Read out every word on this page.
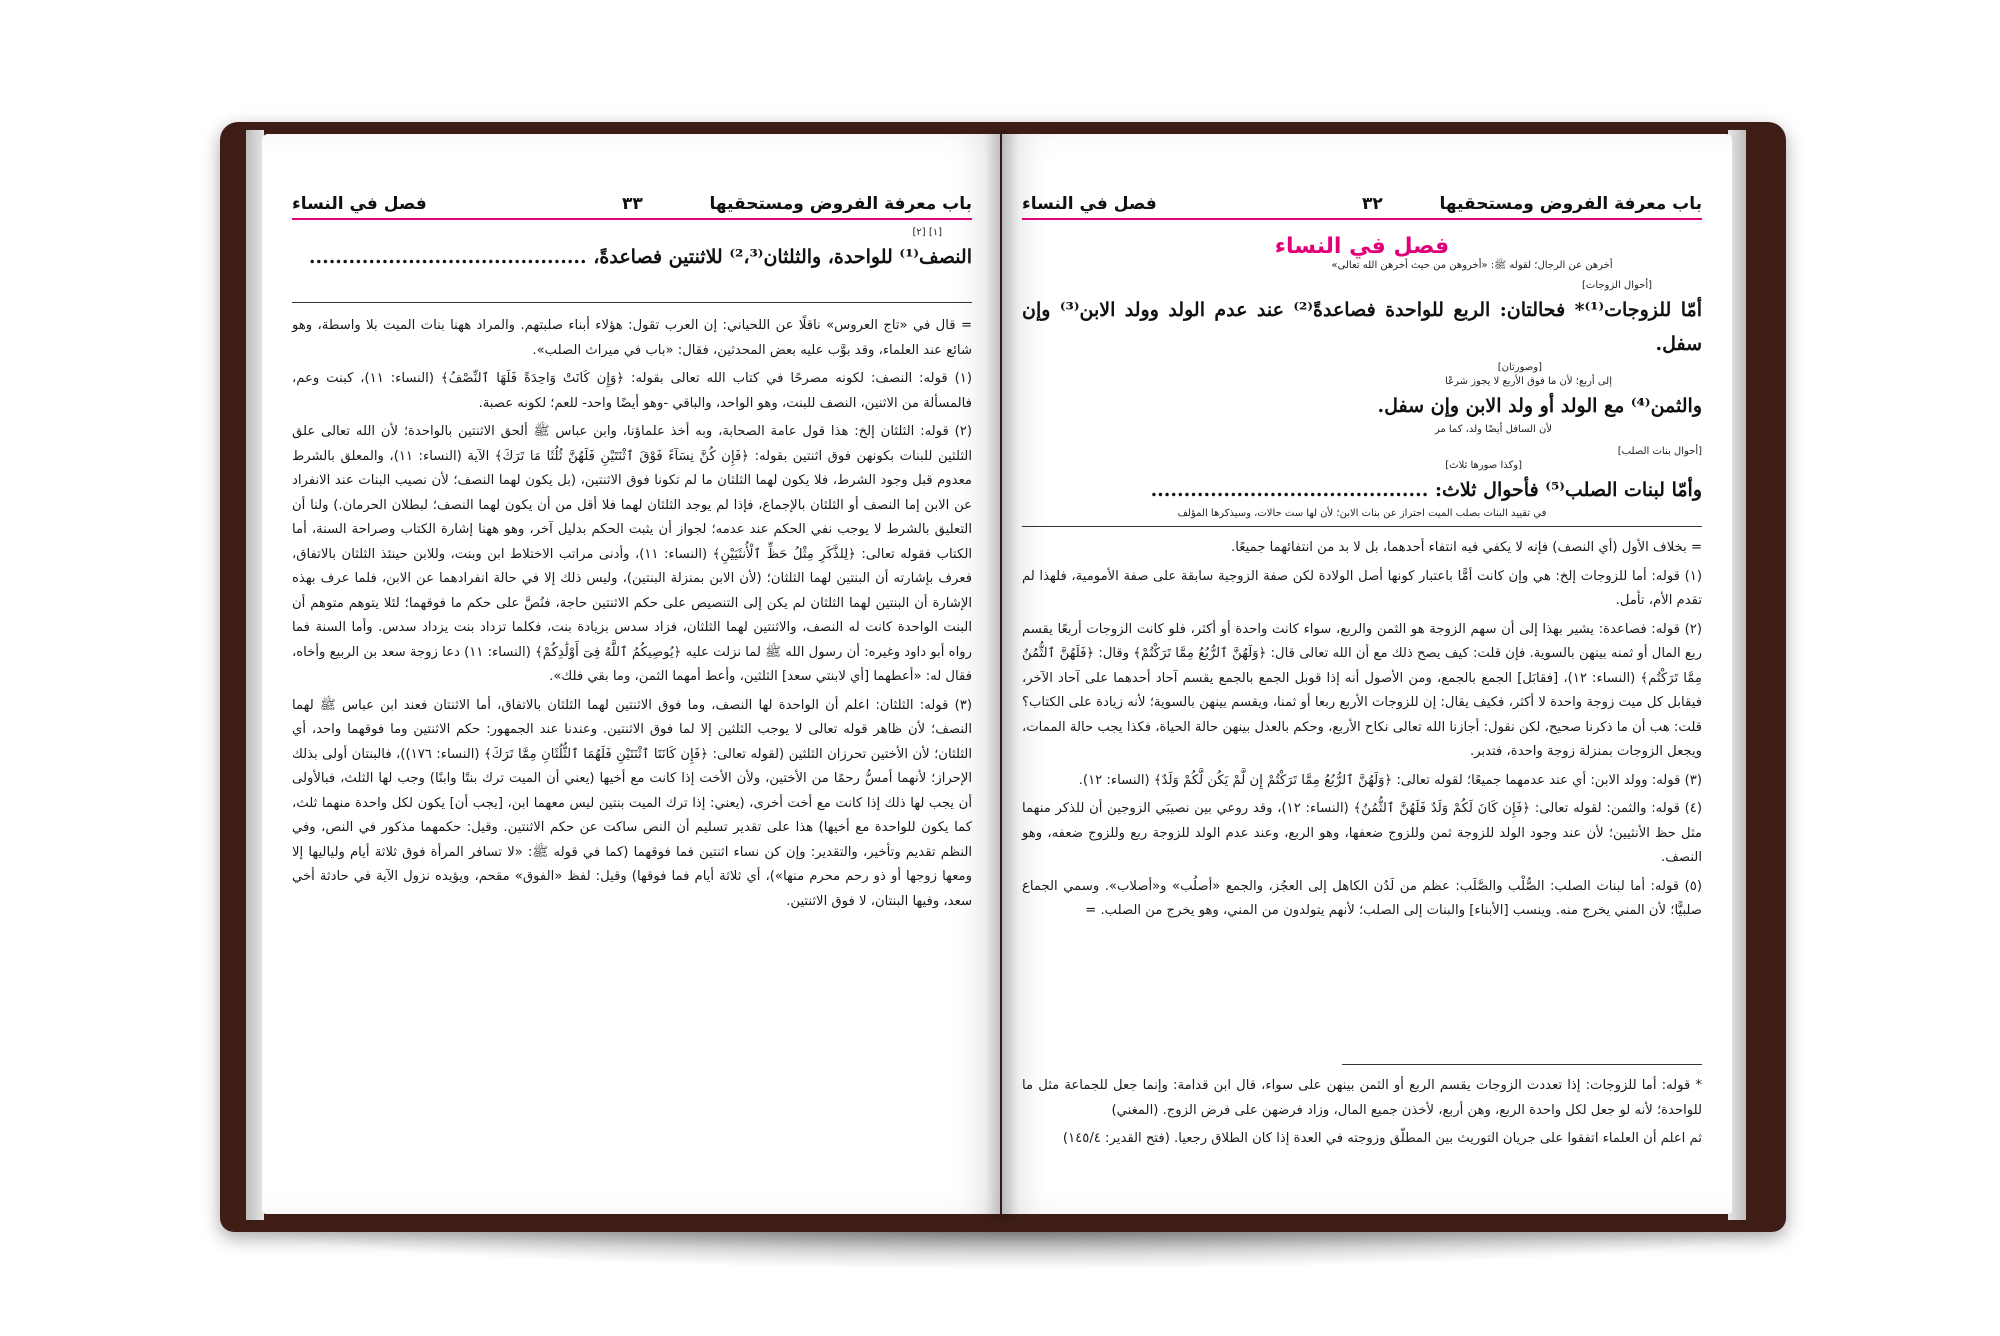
باب معرفة الفروض ومستحقيها
٣٣
فصل في النساء
[١] [٢]
النصف⁽¹⁾ للواحدة، والثلثان⁽²،³⁾ للاثنتين فصاعدةً، ..........................................

= قال في «تاج العروس» ناقلًا عن اللحياني: إن العرب تقول: هؤلاء أبناء صلبتهم. والمراد ههنا بنات الميت بلا واسطة، وهو شائع عند العلماء، وقد بوَّب عليه بعض المحدثين، فقال: «باب في ميراث الصلب».

(١) قوله: النصف: لكونه مصرحًا في كتاب الله تعالى بقوله: ﴿وَإِن كَانَتْ وَاحِدَةً فَلَهَا ٱلنِّصْفُ﴾ (النساء: ١١)، كبنت وعم، فالمسألة من الاثنين، النصف للبنت، وهو الواحد، والباقي -وهو أيضًا واحد- للعم؛ لكونه عصبة.

(٢) قوله: الثلثان إلخ: هذا قول عامة الصحابة، وبه أخذ علماؤنا، وابن عباس ﷺ ألحق الاثنتين بالواحدة؛ لأن الله تعالى علق الثلثين للبنات بكونهن فوق اثنتين بقوله: ﴿فَإِن كُنَّ نِسَآءً فَوْقَ ٱثْنَتَيْنِ فَلَهُنَّ ثُلُثَا مَا تَرَكَ﴾ الآية (النساء: ١١)، والمعلق بالشرط معدوم قبل وجود الشرط، فلا يكون لهما الثلثان ما لم تكونا فوق الاثنتين، (بل يكون لهما النصف؛ لأن نصيب البنات عند الانفراد عن الابن إما النصف أو الثلثان بالإجماع، فإذا لم يوجد الثلثان لهما فلا أقل من أن يكون لهما النصف؛ لبطلان الحرمان.) ولنا أن التعليق بالشرط لا يوجب نفي الحكم عند عدمه؛ لجواز أن يثبت الحكم بدليل آخر، وهو ههنا إشارة الكتاب وصراحة السنة، أما الكتاب فقوله تعالى: ﴿لِلذَّكَرِ مِثْلُ حَظِّ ٱلْأُنثَيَيْنِ﴾ (النساء: ١١)، وأدنى مراتب الاختلاط ابن وبنت، وللابن حينئذ الثلثان بالاتفاق، فعرف بإشارته أن البنتين لهما الثلثان؛ (لأن الابن بمنزلة البنتين)، وليس ذلك إلا في حالة انفرادهما عن الابن، فلما عرف بهذه الإشارة أن البنتين لهما الثلثان لم يكن إلى التنصيص على حكم الاثنتين حاجة، فنُصَّ على حكم ما فوقهما؛ لئلا يتوهم متوهم أن البنت الواحدة كانت له النصف، والاثنتين لهما الثلثان، فزاد سدس بزيادة بنت، فكلما تزداد بنت يزداد سدس. وأما السنة فما رواه أبو داود وغيره: أن رسول الله ﷺ لما نزلت عليه ﴿يُوصِيكُمُ ٱللَّهُ فِىٓ أَوْلَٰدِكُمْ﴾ (النساء: ١١) دعا زوجة سعد بن الربيع وأخاه، فقال له: «أعطهما [أي لابنتي سعد] الثلثين، وأعط أمهما الثمن، وما بقي فلك».

(٣) قوله: الثلثان: اعلم أن الواحدة لها النصف، وما فوق الاثنتين لهما الثلثان بالاتفاق، أما الاثنتان فعند ابن عباس ﷺ لهما النصف؛ لأن ظاهر قوله تعالى لا يوجب الثلثين إلا لما فوق الاثنتين. وعندنا عند الجمهور: حكم الاثنتين وما فوقهما واحد، أي الثلثان؛ لأن الأختين تحرزان الثلثين (لقوله تعالى: ﴿فَإِن كَانَتَا ٱثْنَتَيْنِ فَلَهُمَا ٱلثُّلُثَانِ مِمَّا تَرَكَ﴾ (النساء: ١٧٦))، فالبنتان أولى بذلك الإحراز؛ لأنهما أمسُّ رحمًا من الأختين، ولأن الأخت إذا كانت مع أخيها (يعني أن الميت ترك بنتًا وابنًا) وجب لها الثلث، فبالأولى أن يجب لها ذلك إذا كانت مع أخت أخرى، (يعني: إذا ترك الميت بنتين ليس معهما ابن، [يجب أن] يكون لكل واحدة منهما ثلث، كما يكون للواحدة مع أخيها) هذا على تقدير تسليم أن النص ساكت عن حكم الاثنتين. وقيل: حكمهما مذكور في النص، وفي النظم تقديم وتأخير، والتقدير: وإن كن نساء اثنتين فما فوقهما (كما في قوله ﷺ: «لا تسافر المرأة فوق ثلاثة أيام ولياليها إلا ومعها زوجها أو ذو رحم محرم منها»)، أي ثلاثة أيام فما فوقها) وقيل: لفظ «الفوق» مقحم، ويؤيده نزول الآية في حادثة أخي سعد، وفيها البنتان، لا فوق الاثنتين.

باب معرفة الفروض ومستحقيها
٣٢
فصل في النساء
فصل في النساء
أخرهن عن الرجال؛ لقوله ﷺ: «أخروهن من حيث أخرهن الله تعالى»
[أحوال الزوجات]
أمّا للزوجات⁽¹⁾* فحالتان: الربع للواحدة فصاعدةً⁽²⁾ عند عدم الولد وولد الابن⁽³⁾ وإن سفل.
[وصورتان]
إلى أربع؛ لأن ما فوق الأربع لا يجوز شرعًا
والثمن⁽⁴⁾ مع الولد أو ولد الابن وإن سفل.
لأن السافل أيضًا ولد، كما مر
[أحوال بنات الصلب]
[وكذا صورها ثلاث]
وأمّا لبنات الصلب⁽⁵⁾ فأحوال ثلاث: ..........................................
في تقييد البنات بصلب الميت احتراز عن بنات الابن؛ لأن لها ست حالات، وسيذكرها المؤلف

= بخلاف الأول (أي النصف) فإنه لا يكفي فيه انتفاء أحدهما، بل لا بد من انتفائهما جميعًا.

(١) قوله: أما للزوجات إلخ: هي وإن كانت أمًّا باعتبار كونها أصل الولادة لكن صفة الزوجية سابقة على صفة الأمومية، فلهذا لم تقدم الأم، تأمل.

(٢) قوله: فصاعدة: يشير بهذا إلى أن سهم الزوجة هو الثمن والربع، سواء كانت واحدة أو أكثر، فلو كانت الزوجات أربعًا يقسم ربع المال أو ثمنه بينهن بالسوية. فإن قلت: كيف يصح ذلك مع أن الله تعالى قال: ﴿وَلَهُنَّ ٱلرُّبُعُ مِمَّا تَرَكْتُمْ﴾ وقال: ﴿فَلَهُنَّ ٱلثُّمُنُ مِمَّا تَرَكْتُم﴾ (النساء: ١٢)، [فقابَل] الجمع بالجمع، ومن الأصول أنه إذا قوبل الجمع بالجمع يقسم آحاد أحدهما على آحاد الآخر، فيقابل كل ميت زوجة واحدة لا أكثر، فكيف يقال: إن للزوجات الأربع ربعا أو ثمنا، ويقسم بينهن بالسوية؛ لأنه زيادة على الكتاب؟ قلت: هب أن ما ذكرنا صحيح، لكن نقول: أجازنا الله تعالى نكاح الأربع، وحكم بالعدل بينهن حالة الحياة، فكذا يجب حالة الممات، ويجعل الزوجات بمنزلة زوجة واحدة، فتدبر.

(٣) قوله: وولد الابن: أي عند عدمهما جميعًا؛ لقوله تعالى: ﴿وَلَهُنَّ ٱلرُّبُعُ مِمَّا تَرَكْتُمْ إِن لَّمْ يَكُن لَّكُمْ وَلَدٌ﴾ (النساء: ١٢).

(٤) قوله: والثمن: لقوله تعالى: ﴿فَإِن كَانَ لَكُمْ وَلَدٌ فَلَهُنَّ ٱلثُّمُنُ﴾ (النساء: ١٢)، وقد روعي بين نصيبَي الزوجين أن للذكر منهما مثل حظ الأنثيين؛ لأن عند وجود الولد للزوجة ثمن وللزوج ضعفها، وهو الربع، وعند عدم الولد للزوجة ربع وللزوج ضعفه، وهو النصف.

(٥) قوله: أما لبنات الصلب: الصُّلْب والصَّلَب: عظم من لَدُن الكاهل إلى العجُز، والجمع «أصلُب» و«أصلاب». وسمي الجماع صلبيًّا؛ لأن المني يخرج منه. وينسب [الأبناء] والبنات إلى الصلب؛ لأنهم يتولدون من المني، وهو يخرج من الصلب. =

* قوله: أما للزوجات: إذا تعددت الزوجات يقسم الربع أو الثمن بينهن على سواء، قال ابن قدامة: وإنما جعل للجماعة مثل ما للواحدة؛ لأنه لو جعل لكل واحدة الربع، وهن أربع، لأخذن جميع المال، وزاد فرضهن على فرض الزوج. (المغني)

ثم اعلم أن العلماء اتفقوا على جريان التوريث بين المطلّق وزوجته في العدة إذا كان الطلاق رجعيا. (فتح القدير: ١٤٥/٤)
